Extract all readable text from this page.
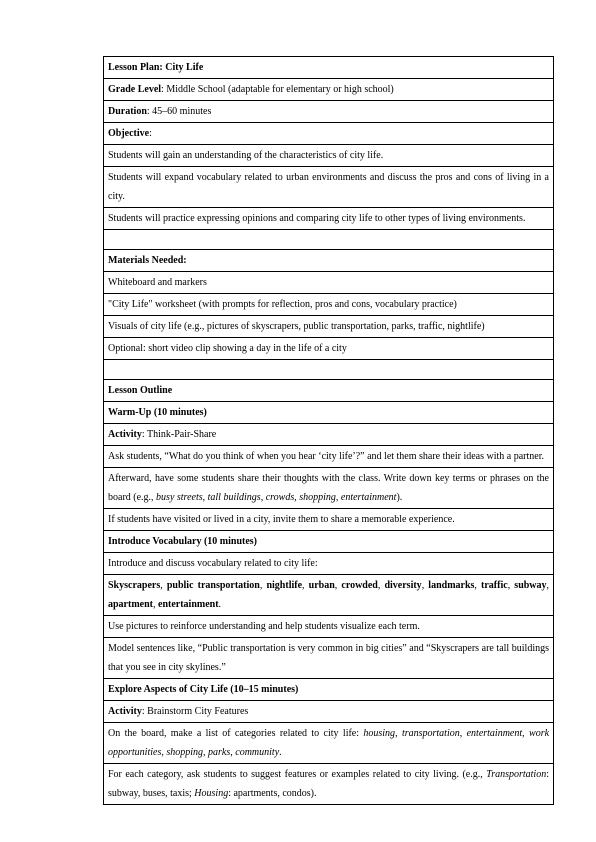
Lesson Plan: City Life
Grade Level: Middle School (adaptable for elementary or high school)
Duration: 45–60 minutes
Objective:
Students will gain an understanding of the characteristics of city life.
Students will expand vocabulary related to urban environments and discuss the pros and cons of living in a city.
Students will practice expressing opinions and comparing city life to other types of living environments.

Materials Needed:
Whiteboard and markers
"City Life" worksheet (with prompts for reflection, pros and cons, vocabulary practice)
Visuals of city life (e.g., pictures of skyscrapers, public transportation, parks, traffic, nightlife)
Optional: short video clip showing a day in the life of a city

Lesson Outline
Warm-Up (10 minutes)
Activity: Think-Pair-Share
Ask students, “What do you think of when you hear ‘city life’?” and let them share their ideas with a partner.
Afterward, have some students share their thoughts with the class. Write down key terms or phrases on the board (e.g., busy streets, tall buildings, crowds, shopping, entertainment).
If students have visited or lived in a city, invite them to share a memorable experience.
Introduce Vocabulary (10 minutes)
Introduce and discuss vocabulary related to city life:
Skyscrapers, public transportation, nightlife, urban, crowded, diversity, landmarks, traffic, subway, apartment, entertainment.
Use pictures to reinforce understanding and help students visualize each term.
Model sentences like, “Public transportation is very common in big cities” and “Skyscrapers are tall buildings that you see in city skylines.”
Explore Aspects of City Life (10–15 minutes)
Activity: Brainstorm City Features
On the board, make a list of categories related to city life: housing, transportation, entertainment, work opportunities, shopping, parks, community.
For each category, ask students to suggest features or examples related to city living. (e.g., Transportation: subway, buses, taxis; Housing: apartments, condos).
